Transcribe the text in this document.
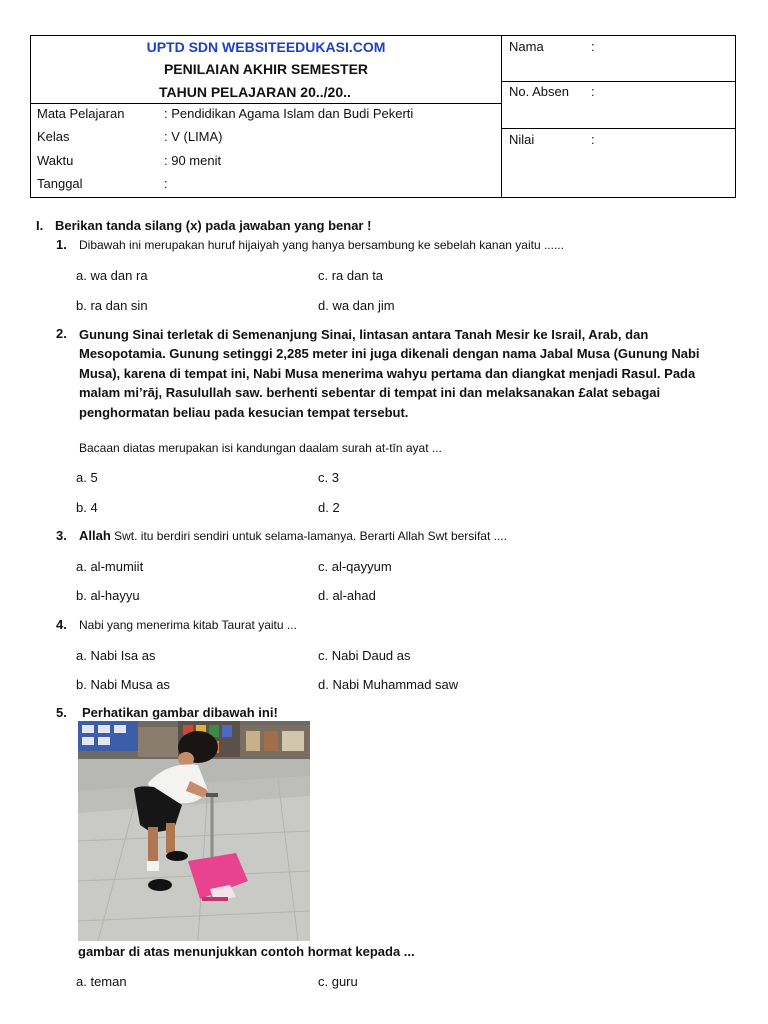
UPTD SDN WEBSITEEDUKASI.COM
PENILAIAN AKHIR SEMESTER
TAHUN PELAJARAN 20../20..
Mata Pelajaran	: Pendidikan Agama Islam dan Budi Pekerti
Kelas	: V (LIMA)
Waktu	: 90 menit
Tanggal	:
Nama	:
No. Absen :
Nilai	:
I. Berikan tanda silang (x) pada jawaban yang benar !
1. Dibawah ini merupakan huruf hijaiyah yang hanya bersambung ke sebelah kanan yaitu ......
a. wa dan ra	c. ra dan ta
b. ra dan sin	d. wa dan jim
2. Gunung Sinai terletak di Semenanjung Sinai, lintasan antara Tanah Mesir ke Israil, Arab, dan Mesopotamia. Gunung setinggi 2,285 meter ini juga dikenali dengan nama Jabal Musa (Gunung Nabi Musa), karena di tempat ini, Nabi Musa menerima wahyu pertama dan diangkat menjadi Rasul. Pada malam mi’rāj, Rasulullah saw. berhenti sebentar di tempat ini dan melaksanakan £alat sebagai penghormatan beliau pada kesucian tempat tersebut.
Bacaan diatas merupakan isi kandungan daalam surah at-tīn ayat ...
a. 5	c. 3
b. 4	d. 2
3. Allah Swt. itu berdiri sendiri untuk selama-lamanya. Berarti Allah Swt bersifat ....
a. al-mumiit	c. al-qayyum
b. al-hayyu	d. al-ahad
4. Nabi yang menerima kitab Taurat yaitu ...
a. Nabi Isa as	c. Nabi Daud as
b. Nabi Musa as	d. Nabi Muhammad saw
5. Perhatikan gambar dibawah ini!
gambar di atas menunjukkan contoh hormat kepada ...
a. teman	c. guru
